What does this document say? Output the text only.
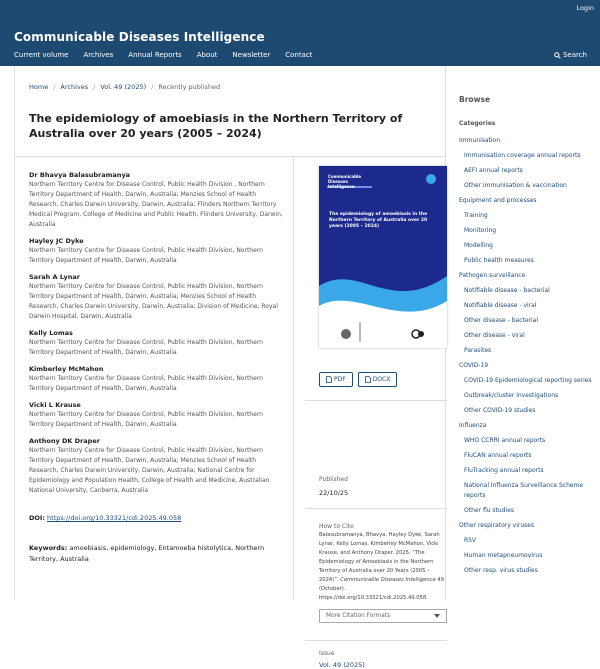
Login
Communicable Diseases Intelligence
Current volume Archives Annual Reports About Newsletter Contact	Search
Home / Archives / Vol. 49 (2025) / Recently published
The epidemiology of amoebiasis in the Northern Territory of Australia over 20 years (2005 – 2024)
Dr Bhavya Balasubramanya
Northern Territory Centre for Disease Control, Public Health Division , Northern Territory Department of Health, Darwin, Australia; Menzies School of Health Research, Charles Darwin University, Darwin, Australia; Flinders Northern Territory Medical Program, College of Medicine and Public Health, Flinders University, Darwin, Australia
Hayley JC Dyke
Northern Territory Centre for Disease Control, Public Health Division, Northern Territory Department of Health, Darwin, Australia
Sarah A Lynar
Northern Territory Centre for Disease Control, Public Health Division, Northern Territory Department of Health, Darwin, Australia; Menzies School of Health Research, Charles Darwin University, Darwin, Australia; Division of Medicine, Royal Darwin Hospital, Darwin, Australia
Kelly Lomas
Northern Territory Centre for Disease Control, Public Health Division, Northern Territory Department of Health, Darwin, Australia
Kimberley McMahon
Northern Territory Centre for Disease Control, Public Health Division, Northern Territory Department of Health, Darwin, Australia
Vicki L Krause
Northern Territory Centre for Disease Control, Public Health Division, Northern Territory Department of Health, Darwin, Australia
Anthony DK Draper
Northern Territory Centre for Disease Control, Public Health Division, Northern Territory Department of Health, Darwin, Australia; Menzies School of Health Research, Charles Darwin University, Darwin, Australia; National Centre for Epidemiology and Population Health, College of Health and Medicine, Australian National University, Canberra, Australia
DOI: https://doi.org/10.33321/cdi.2025.49.058
Keywords: amoebiasis, epidemiology, Entamoeba histolytica, Northern Territory, Australia
Communicable
Diseases
Intelligence
The epidemiology of amoebiasis in the Northern Territory of Australia over 20 years (2005 – 2024)
PDF	DOCX
Published
22/10/25
How to Cite
Balasubramanya, Bhavya, Hayley Dyke, Sarah Lynar, Kelly Lomas, Kimberley McMahon, Vicki Krause, and Anthony Draper. 2025. “The Epidemiology of Amoebiasis in the Northern Territory of Australia over 20 Years (2005 – 2024)”. Communicable Diseases Intelligence 49 (October). https://doi.org/10.33321/cdi.2025.49.058.
More Citation Formats
Issue
Vol. 49 (2025)
Browse
Categories
Immunisation
Immunisation coverage annual reports
AEFI annual reports
Other immunisation & vaccination
Equipment and processes
Training
Monitoring
Modelling
Public health measures
Pathogen surveillance
Notifiable disease - bacterial
Notifiable disease - viral
Other disease - bacterial
Other disease - viral
Parasites
COVID-19
COVID-19 Epidemiological reporting series
Outbreak/cluster investigations
Other COVID-19 studies
Influenza
WHO CCRRI annual reports
FluCAN annual reports
FluTracking annual reports
National Influenza Surveillance Scheme reports
Other flu studies
Other respiratory viruses
RSV
Human metapneumovirus
Other resp. virus studies
